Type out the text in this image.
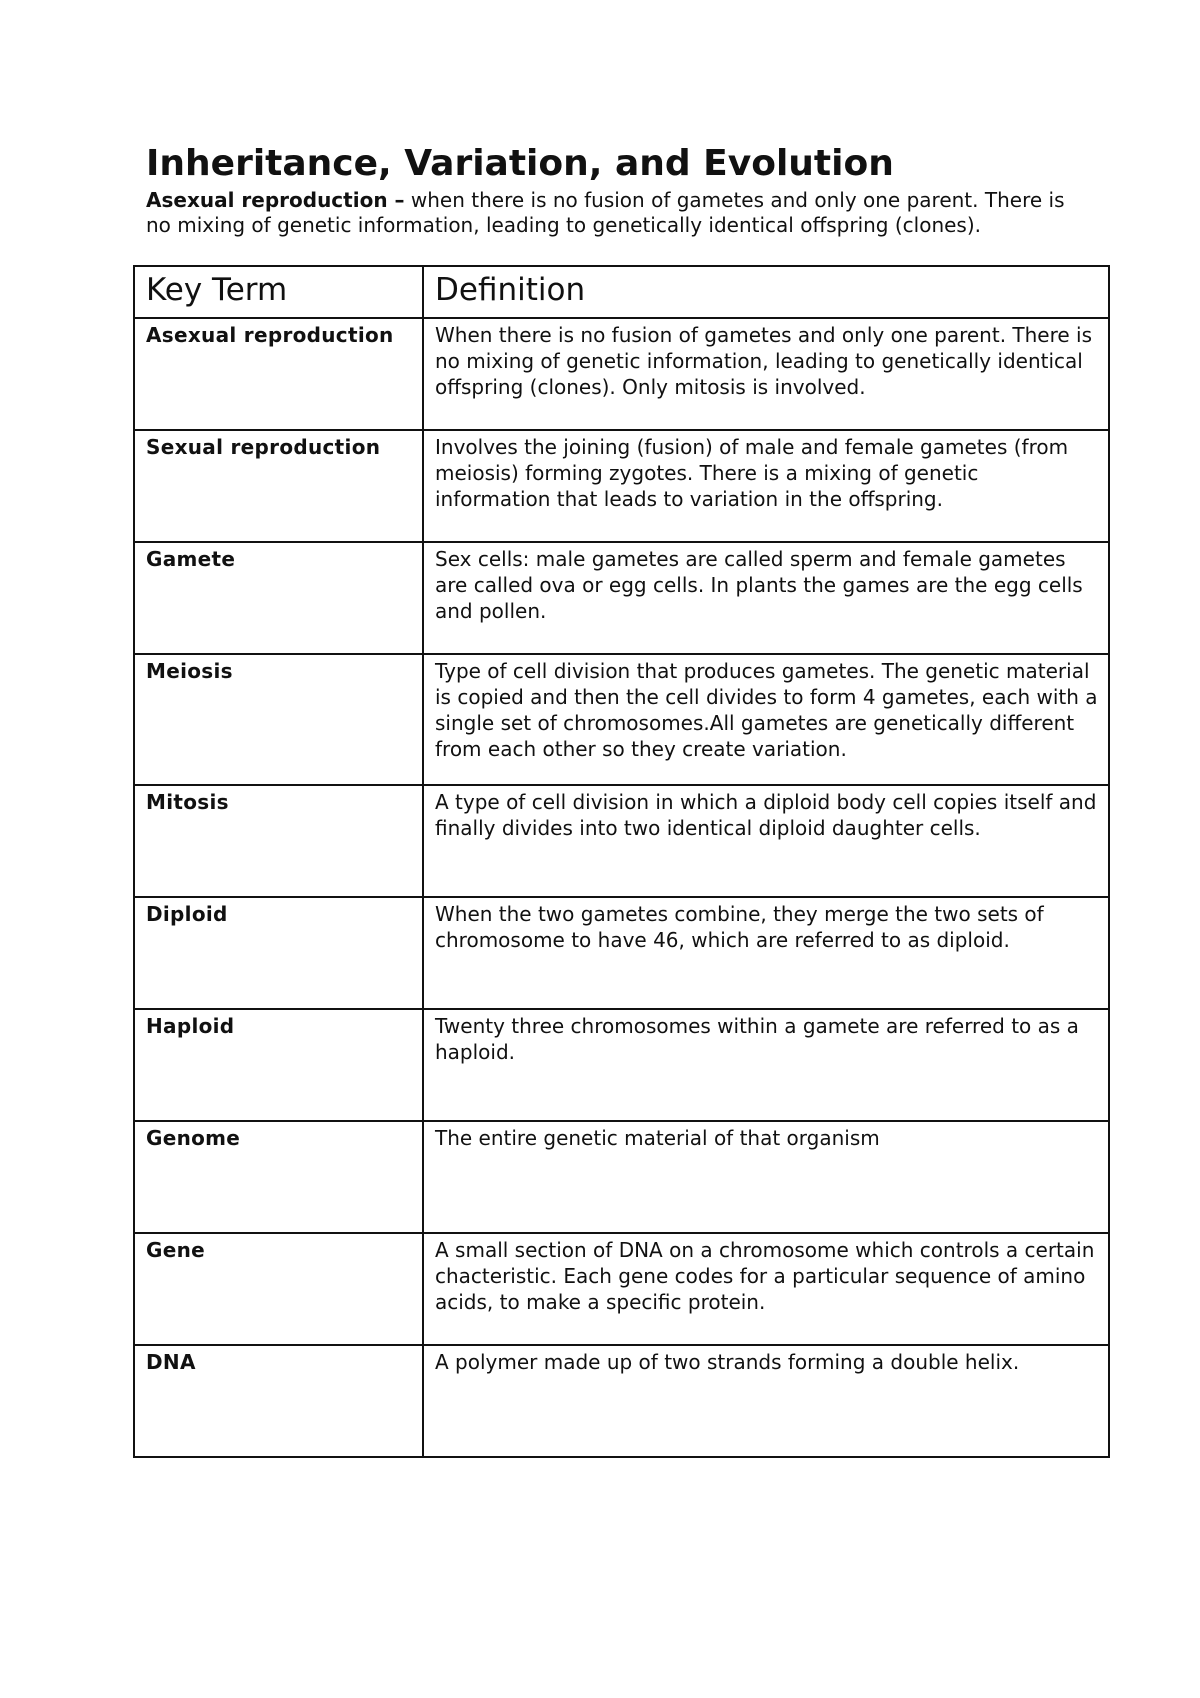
Inheritance, Variation, and Evolution

Asexual reproduction – when there is no fusion of gametes and only one parent. There is no mixing of genetic information, leading to genetically identical offspring (clones).

Key Term	Definition
Asexual reproduction	When there is no fusion of gametes and only one parent. There is no mixing of genetic information, leading to genetically identical offspring (clones). Only mitosis is involved.
Sexual reproduction	Involves the joining (fusion) of male and female gametes (from meiosis) forming zygotes. There is a mixing of genetic information that leads to variation in the offspring.
Gamete	Sex cells: male gametes are called sperm and female gametes are called ova or egg cells. In plants the games are the egg cells and pollen.
Meiosis	Type of cell division that produces gametes. The genetic material is copied and then the cell divides to form 4 gametes, each with a single set of chromosomes.All gametes are genetically different from each other so they create variation.
Mitosis	A type of cell division in which a diploid body cell copies itself and finally divides into two identical diploid daughter cells.
Diploid	When the two gametes combine, they merge the two sets of chromosome to have 46, which are referred to as diploid.
Haploid	Twenty three chromosomes within a gamete are referred to as a haploid.
Genome	The entire genetic material of that organism
Gene	A small section of DNA on a chromosome which controls a certain chacteristic. Each gene codes for a particular sequence of amino acids, to make a specific protein.
DNA	A polymer made up of two strands forming a double helix.
